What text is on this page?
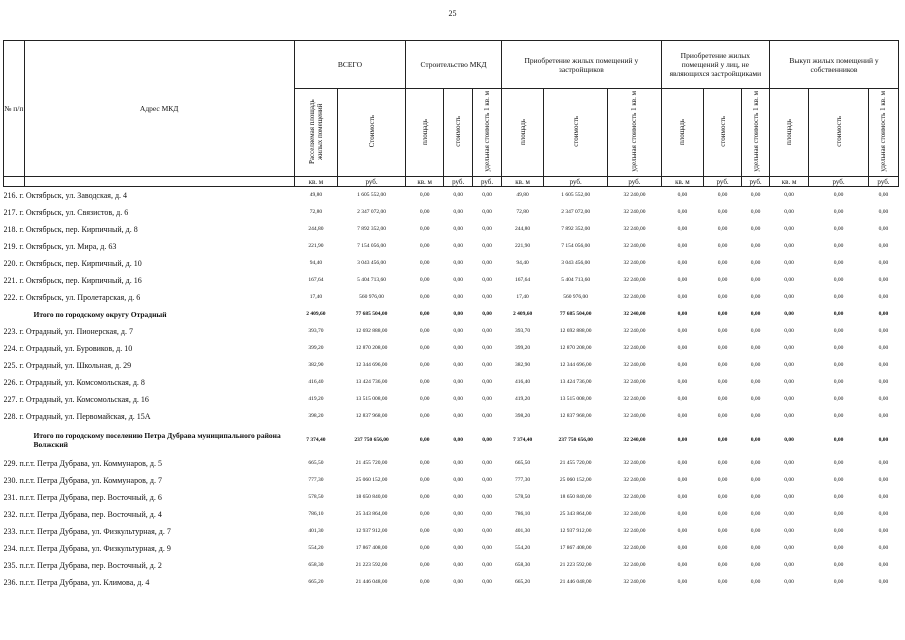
25
№ п/п	Адрес МКД	ВСЕГО		Строительство МКД			Приобретение жилых помещений у застройщиков			Приобретение жилых помещений у лиц, не являющихся застройщиками			Выкуп жилых помещений у собственников		
		Расселяемая площадь жилых помещений	Стоимость	площадь	стоимость	удельная стоимость 1 кв. м	площадь	стоимость	удельная стоимость 1 кв. м	площадь	стоимость	удельная стоимость 1 кв. м	площадь	стоимость	удельная стоимость 1 кв. м
		кв. м	руб.	кв. м	руб.	руб.	кв. м	руб.	руб.	кв. м	руб.	руб.	кв. м	руб.	руб.
216. г. Октябрьск, ул. Заводская, д. 4		49,80	1 605 552,00	0,00	0,00	0,00	49,80	1 605 552,00	32 240,00	0,00	0,00	0,00	0,00	0,00	0,00
217. г. Октябрьск, ул. Связистов, д. 6		72,80	2 347 072,00	0,00	0,00	0,00	72,80	2 347 072,00	32 240,00	0,00	0,00	0,00	0,00	0,00	0,00
218. г. Октябрьск, пер. Кирпичный, д. 8		244,80	7 892 352,00	0,00	0,00	0,00	244,80	7 892 352,00	32 240,00	0,00	0,00	0,00	0,00	0,00	0,00
219. г. Октябрьск, ул. Мира, д. 63		221,90	7 154 056,00	0,00	0,00	0,00	221,90	7 154 056,00	32 240,00	0,00	0,00	0,00	0,00	0,00	0,00
220. г. Октябрьск, пер. Кирпичный, д. 10		94,40	3 043 456,00	0,00	0,00	0,00	94,40	3 043 456,00	32 240,00	0,00	0,00	0,00	0,00	0,00	0,00
221. г. Октябрьск, пер. Кирпичный, д. 16		167,64	5 404 713,60	0,00	0,00	0,00	167,64	5 404 713,60	32 240,00	0,00	0,00	0,00	0,00	0,00	0,00
222. г. Октябрьск, ул. Пролетарская, д. 6		17,40	560 976,00	0,00	0,00	0,00	17,40	560 976,00	32 240,00	0,00	0,00	0,00	0,00	0,00	0,00
Итого по городскому округу Отрадный		2 409,60	77 685 504,00	0,00	0,00	0,00	2 409,60	77 685 504,00	32 240,00	0,00	0,00	0,00	0,00	0,00	0,00
223. г. Отрадный, ул. Пионерская, д. 7		393,70	12 692 888,00	0,00	0,00	0,00	393,70	12 692 888,00	32 240,00	0,00	0,00	0,00	0,00	0,00	0,00
224. г. Отрадный, ул. Буровиков, д. 10		399,20	12 870 208,00	0,00	0,00	0,00	399,20	12 870 208,00	32 240,00	0,00	0,00	0,00	0,00	0,00	0,00
225. г. Отрадный, ул. Школьная, д. 29		382,90	12 344 696,00	0,00	0,00	0,00	382,90	12 344 696,00	32 240,00	0,00	0,00	0,00	0,00	0,00	0,00
226. г. Отрадный, ул. Комсомольская, д. 8		416,40	13 424 736,00	0,00	0,00	0,00	416,40	13 424 736,00	32 240,00	0,00	0,00	0,00	0,00	0,00	0,00
227. г. Отрадный, ул. Комсомольская, д. 16		419,20	13 515 008,00	0,00	0,00	0,00	419,20	13 515 008,00	32 240,00	0,00	0,00	0,00	0,00	0,00	0,00
228. г. Отрадный, ул. Первомайская, д. 15А		398,20	12 837 968,00	0,00	0,00	0,00	398,20	12 837 968,00	32 240,00	0,00	0,00	0,00	0,00	0,00	0,00
Итого по городскому поселению Петра Дубрава муниципального района Волжский		7 374,40	237 750 656,00	0,00	0,00	0,00	7 374,40	237 750 656,00	32 240,00	0,00	0,00	0,00	0,00	0,00	0,00
229. п.г.т. Петра Дубрава, ул. Коммунаров, д. 5		665,50	21 455 720,00	0,00	0,00	0,00	665,50	21 455 720,00	32 240,00	0,00	0,00	0,00	0,00	0,00	0,00
230. п.г.т. Петра Дубрава, ул. Коммунаров, д. 7		777,30	25 060 152,00	0,00	0,00	0,00	777,30	25 060 152,00	32 240,00	0,00	0,00	0,00	0,00	0,00	0,00
231. п.г.т. Петра Дубрава, пер. Восточный, д. 6		578,50	18 650 840,00	0,00	0,00	0,00	578,50	18 650 840,00	32 240,00	0,00	0,00	0,00	0,00	0,00	0,00
232. п.г.т. Петра Дубрава, пер. Восточный, д. 4		786,10	25 343 864,00	0,00	0,00	0,00	786,10	25 343 864,00	32 240,00	0,00	0,00	0,00	0,00	0,00	0,00
233. п.г.т. Петра Дубрава, ул. Физкультурная, д. 7		401,30	12 937 912,00	0,00	0,00	0,00	401,30	12 937 912,00	32 240,00	0,00	0,00	0,00	0,00	0,00	0,00
234. п.г.т. Петра Дубрава, ул. Физкультурная, д. 9		554,20	17 867 408,00	0,00	0,00	0,00	554,20	17 867 408,00	32 240,00	0,00	0,00	0,00	0,00	0,00	0,00
235. п.г.т. Петра Дубрава, пер. Восточный, д. 2		658,30	21 223 592,00	0,00	0,00	0,00	658,30	21 223 592,00	32 240,00	0,00	0,00	0,00	0,00	0,00	0,00
236. п.г.т. Петра Дубрава, ул. Климова, д. 4		665,20	21 446 048,00	0,00	0,00	0,00	665,20	21 446 048,00	32 240,00	0,00	0,00	0,00	0,00	0,00	0,00
